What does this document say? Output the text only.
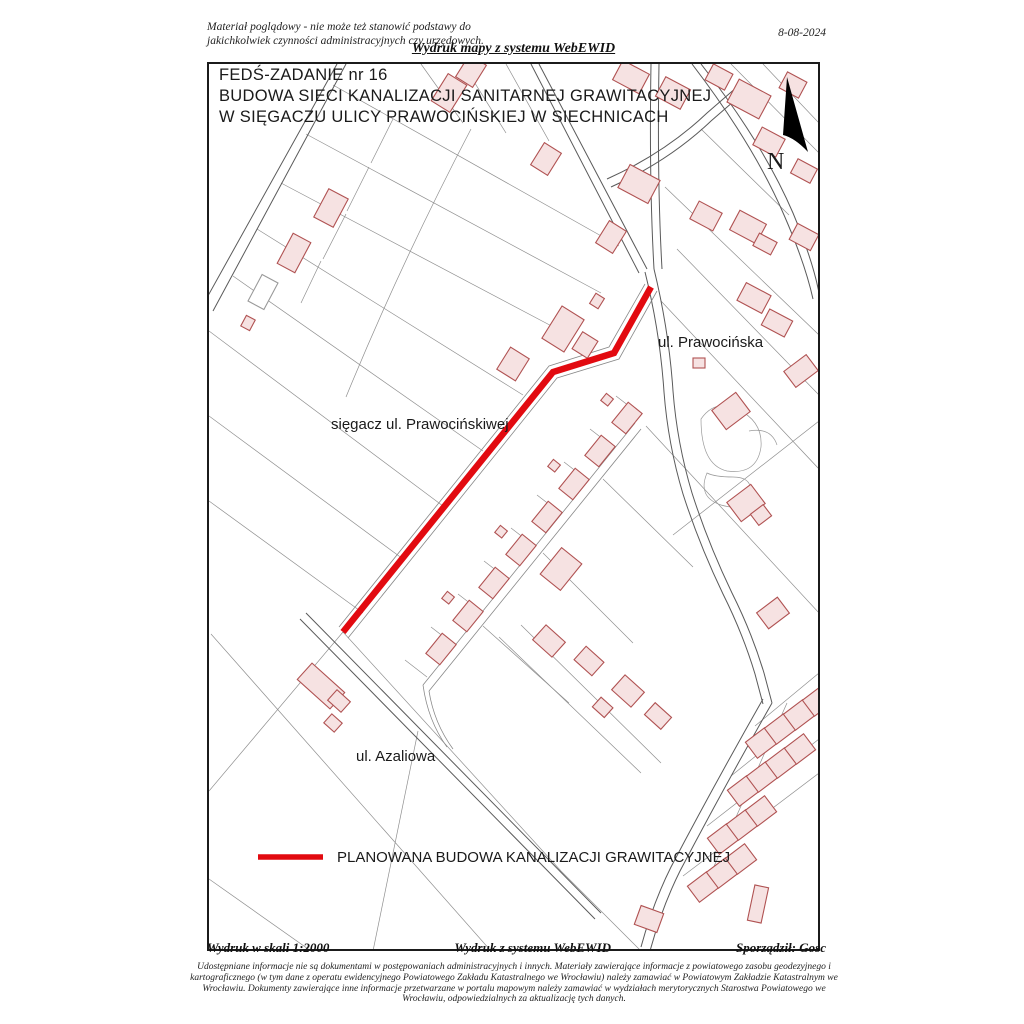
Materiał poglądowy - nie może też stanowić podstawy do
jakichkolwiek czynności administracyjnych czy urzędowych.
8-08-2024
Wydruk mapy z systemu WebEWID
N
FEDŚ-ZADANIE nr 16
BUDOWA SIECI KANALIZACJI SANITARNEJ GRAWITACYJNEJ
W SIĘGACZU ULICY PRAWOCIŃSKIEJ W SIECHNICACH
ul. Prawocińska
sięgacz ul. Prawocińskiwej
ul. Azaliowa
PLANOWANA BUDOWA KANALIZACJI GRAWITACYJNEJ
Wydruk w skali 1:2000	Wydruk z systemu WebEWID	Sporządził: Gosc
Udostępniane informacje nie są dokumentami w postępowaniach administracyjnych i innych. Materiały zawierające informacje z powiatowego zasobu geodezyjnego i kartograficznego (w tym dane z operatu ewidencyjnego Powiatowego Zakładu Katastralnego we Wrocławiu) należy zamawiać w Powiatowym Zakładzie Katastralnym we Wrocławiu. Dokumenty zawierające inne informacje przetwarzane w portalu mapowym należy zamawiać w wydziałach merytorycznych Starostwa Powiatowego we Wrocławiu, odpowiedzialnych za aktualizację tych danych.
